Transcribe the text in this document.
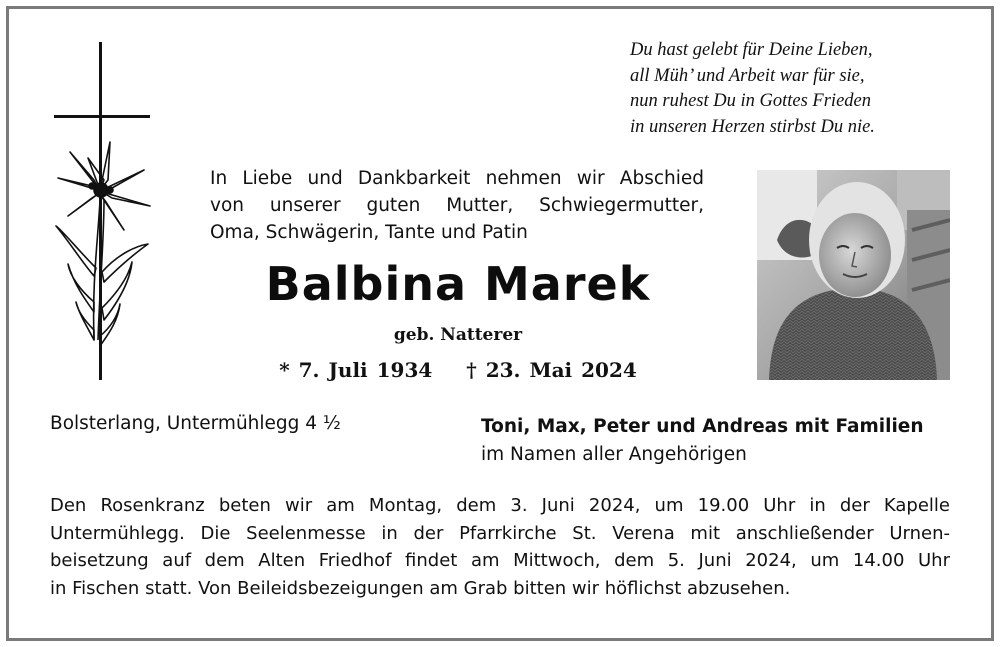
Du hast gelebt für Deine Lieben,
all Müh’ und Arbeit war für sie,
nun ruhest Du in Gottes Frieden
in unseren Herzen stirbst Du nie.
In Liebe und Dankbarkeit nehmen wir Abschied
von unserer guten Mutter, Schwiegermutter,
Oma, Schwägerin, Tante und Patin
Balbina Marek
geb. Natterer
* 7. Juli 1934 † 23. Mai 2024
Bolsterlang, Untermühlegg 4 ½	Toni, Max, Peter und Andreas mit Familien
im Namen aller Angehörigen
Den Rosenkranz beten wir am Montag, dem 3. Juni 2024, um 19.00 Uhr in der Kapelle
Untermühlegg. Die Seelenmesse in der Pfarrkirche St. Verena mit anschließender Urnen-
beisetzung auf dem Alten Friedhof findet am Mittwoch, dem 5. Juni 2024, um 14.00 Uhr
in Fischen statt. Von Beileidsbezeigungen am Grab bitten wir höflichst abzusehen.
